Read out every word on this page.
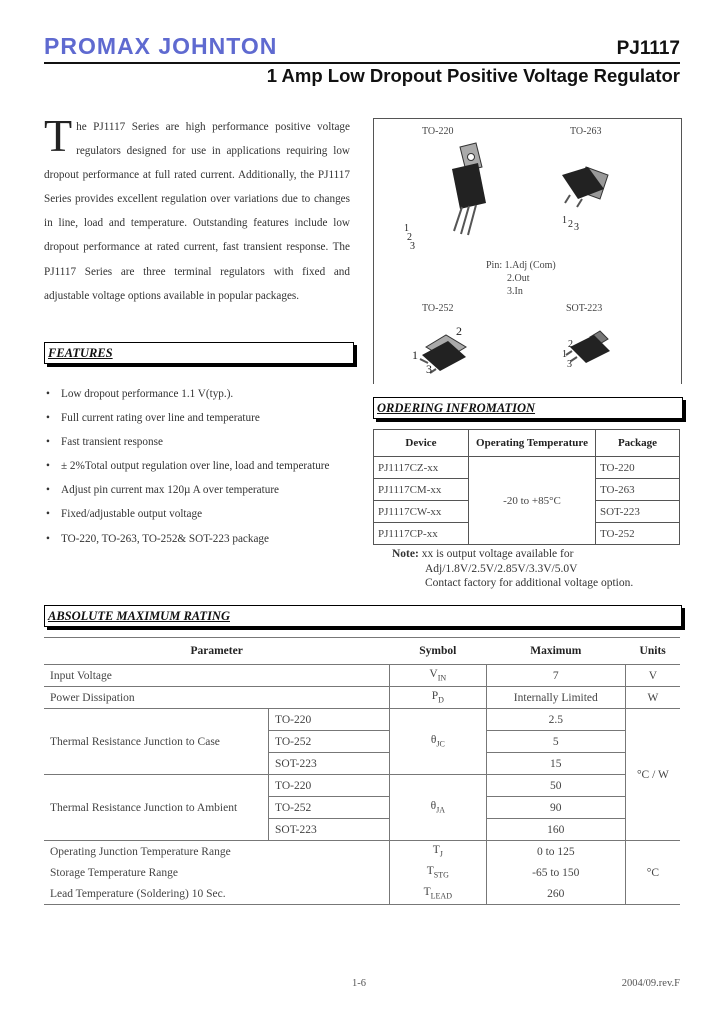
PROMAX JOHNTON	PJ1117
1 Amp Low Dropout Positive Voltage Regulator
The PJ1117 Series are high performance positive voltage regulators designed for use in applications requiring low dropout performance at full rated current. Additionally, the PJ1117 Series provides excellent regulation over variations due to changes in line, load and temperature. Outstanding features include low dropout performance at rated current, fast transient response. The PJ1117 Series are three terminal regulators with fixed and adjustable voltage options available in popular packages.
TO-220	TO-263
TO-252	SOT-223
Pin: 1.Adj (Com)
2.Out
3.In
1
2
3
1 2 3
2
1
3
2
1
3
FEATURES
• Low dropout performance 1.1 V(typ.).
• Full current rating over line and temperature
• Fast transient response
• ± 2%Total output regulation over line, load and temperature
• Adjust pin current max 120µ A over temperature
• Fixed/adjustable output voltage
• TO-220, TO-263, TO-252& SOT-223 package
ORDERING INFROMATION
Device	Operating Temperature	Package
PJ1117CZ-xx	-20 to +85°C	TO-220
PJ1117CM-xx		TO-263
PJ1117CW-xx		SOT-223
PJ1117CP-xx		TO-252
Note: xx is output voltage available for
Adj/1.8V/2.5V/2.85V/3.3V/5.0V
Contact factory for additional voltage option.
ABSOLUTE MAXIMUM RATING
Parameter		Symbol	Maximum	Units
Input Voltage		$V_{IN}$	7	V
Power Dissipation		$P_D$	Internally Limited	W
Thermal Resistance Junction to Case	TO-220	$\theta_{JC}$	2.5	°C / W
	TO-252		5	
	SOT-223		15	
Thermal Resistance Junction to Ambient	TO-220	$\theta_{JA}$	50	
	TO-252		90	
	SOT-223		160	
Operating Junction Temperature Range		$T_J$	0 to 125	°C
Storage Temperature Range		$T_{STG}$	-65 to 150	
Lead Temperature (Soldering) 10 Sec.		$T_{LEAD}$	260	
1-6	2004/09.rev.F
